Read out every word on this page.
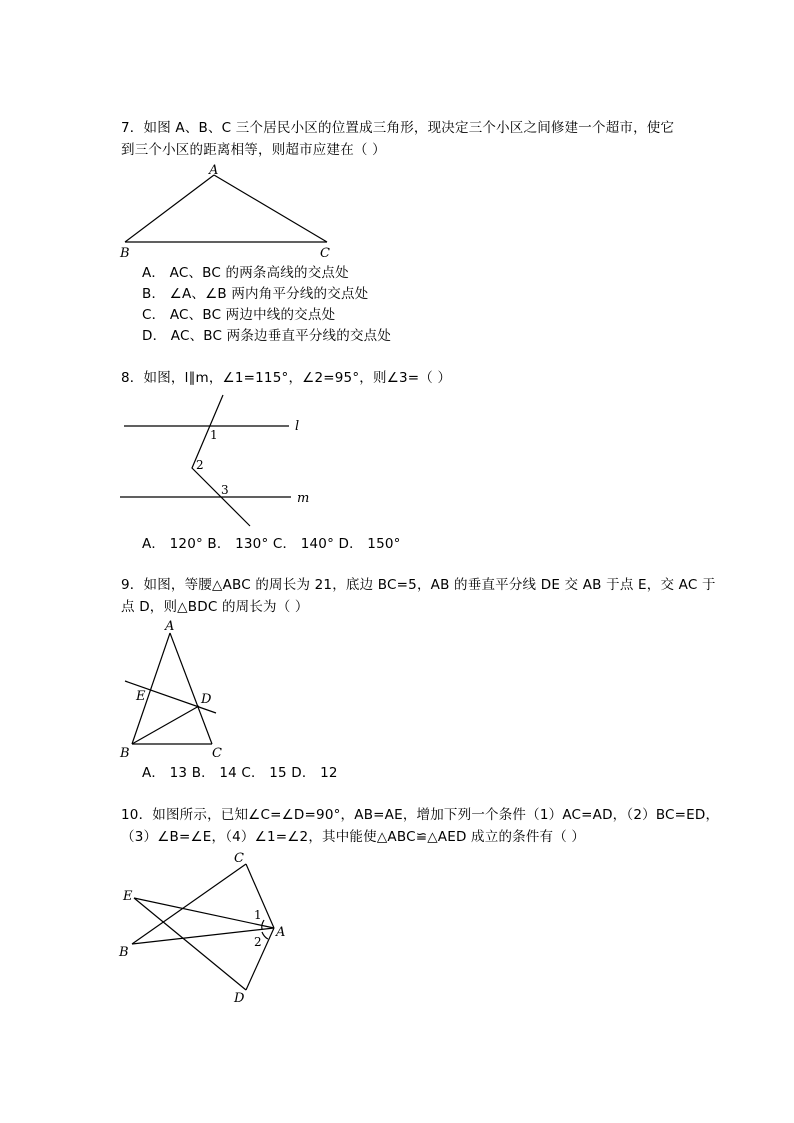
7．如图 A、B、C 三个居民小区的位置成三角形，现决定三个小区之间修建一个超市，使它
到三个小区的距离相等，则超市应建在（ ）
A
B	C
A． AC、BC 的两条高线的交点处
B． ∠A、∠B 两内角平分线的交点处
C． AC、BC 两边中线的交点处
D． AC、BC 两条边垂直平分线的交点处
8．如图，l∥m，∠1=115°，∠2=95°，则∠3=（ ）
l
m
1
2
3
A． 120° B． 130° C． 140° D． 150°
9．如图，等腰△ABC 的周长为 21，底边 BC=5，AB 的垂直平分线 DE 交 AB 于点 E，交 AC 于
点 D，则△BDC 的周长为（ ）
A
B	C
D
E
A． 13 B． 14 C． 15 D． 12
10．如图所示，已知∠C=∠D=90°，AB=AE，增加下列一个条件（1）AC=AD，（2）BC=ED，
（3）∠B=∠E，（4）∠1=∠2，其中能使△ABC≌△AED 成立的条件有（ ）
C
E
B
A
D
1
2
